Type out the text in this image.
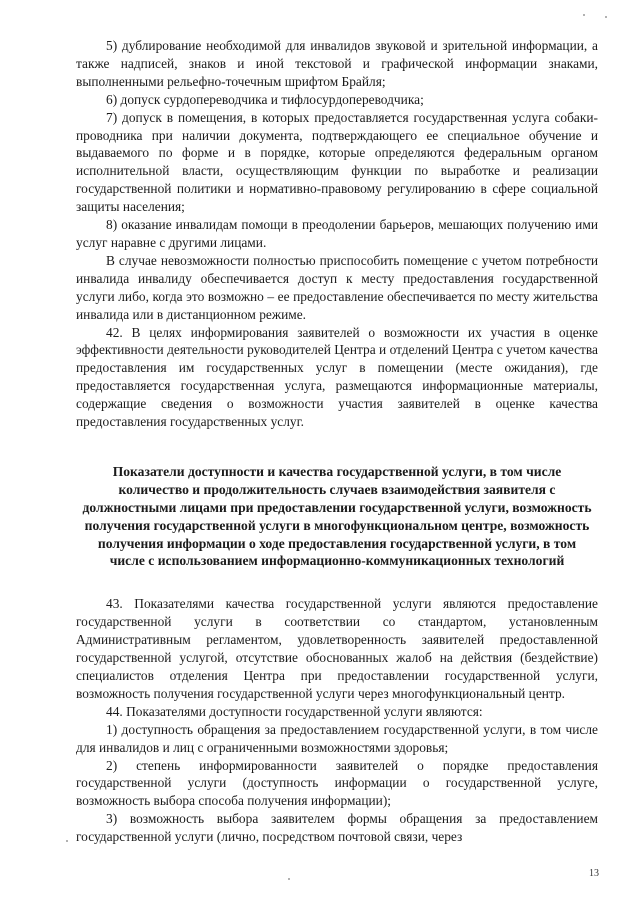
5) дублирование необходимой для инвалидов звуковой и зрительной информации, а также надписей, знаков и иной текстовой и графической информации знаками, выполненными рельефно-точечным шрифтом Брайля;

6) допуск сурдопереводчика и тифлосурдопереводчика;

7) допуск в помещения, в которых предоставляется государственная услуга собаки-проводника при наличии документа, подтверждающего ее специальное обучение и выдаваемого по форме и в порядке, которые определяются федеральным органом исполнительной власти, осуществляющим функции по выработке и реализации государственной политики и нормативно-правовому регулированию в сфере социальной защиты населения;

8) оказание инвалидам помощи в преодолении барьеров, мешающих получению ими услуг наравне с другими лицами.

В случае невозможности полностью приспособить помещение с учетом потребности инвалида инвалиду обеспечивается доступ к месту предоставления государственной услуги либо, когда это возможно – ее предоставление обеспечивается по месту жительства инвалида или в дистанционном режиме.

42. В целях информирования заявителей о возможности их участия в оценке эффективности деятельности руководителей Центра и отделений Центра с учетом качества предоставления им государственных услуг в помещении (месте ожидания), где предоставляется государственная услуга, размещаются информационные материалы, содержащие сведения о возможности участия заявителей в оценке качества предоставления государственных услуг.

Показатели доступности и качества государственной услуги, в том числе количество и продолжительность случаев взаимодействия заявителя с должностными лицами при предоставлении государственной услуги, возможность получения государственной услуги в многофункциональном центре, возможность получения информации о ходе предоставления государственной услуги, в том числе с использованием информационно-коммуникационных технологий

43. Показателями качества государственной услуги являются предоставление государственной услуги в соответствии со стандартом, установленным Административным регламентом, удовлетворенность заявителей предоставленной государственной услугой, отсутствие обоснованных жалоб на действия (бездействие) специалистов отделения Центра при предоставлении государственной услуги, возможность получения государственной услуги через многофункциональный центр.

44. Показателями доступности государственной услуги являются:

1) доступность обращения за предоставлением государственной услуги, в том числе для инвалидов и лиц с ограниченными возможностями здоровья;

2) степень информированности заявителей о порядке предоставления государственной услуги (доступность информации о государственной услуге, возможность выбора способа получения информации);

3) возможность выбора заявителем формы обращения за предоставлением государственной услуги (лично, посредством почтовой связи, через

13
